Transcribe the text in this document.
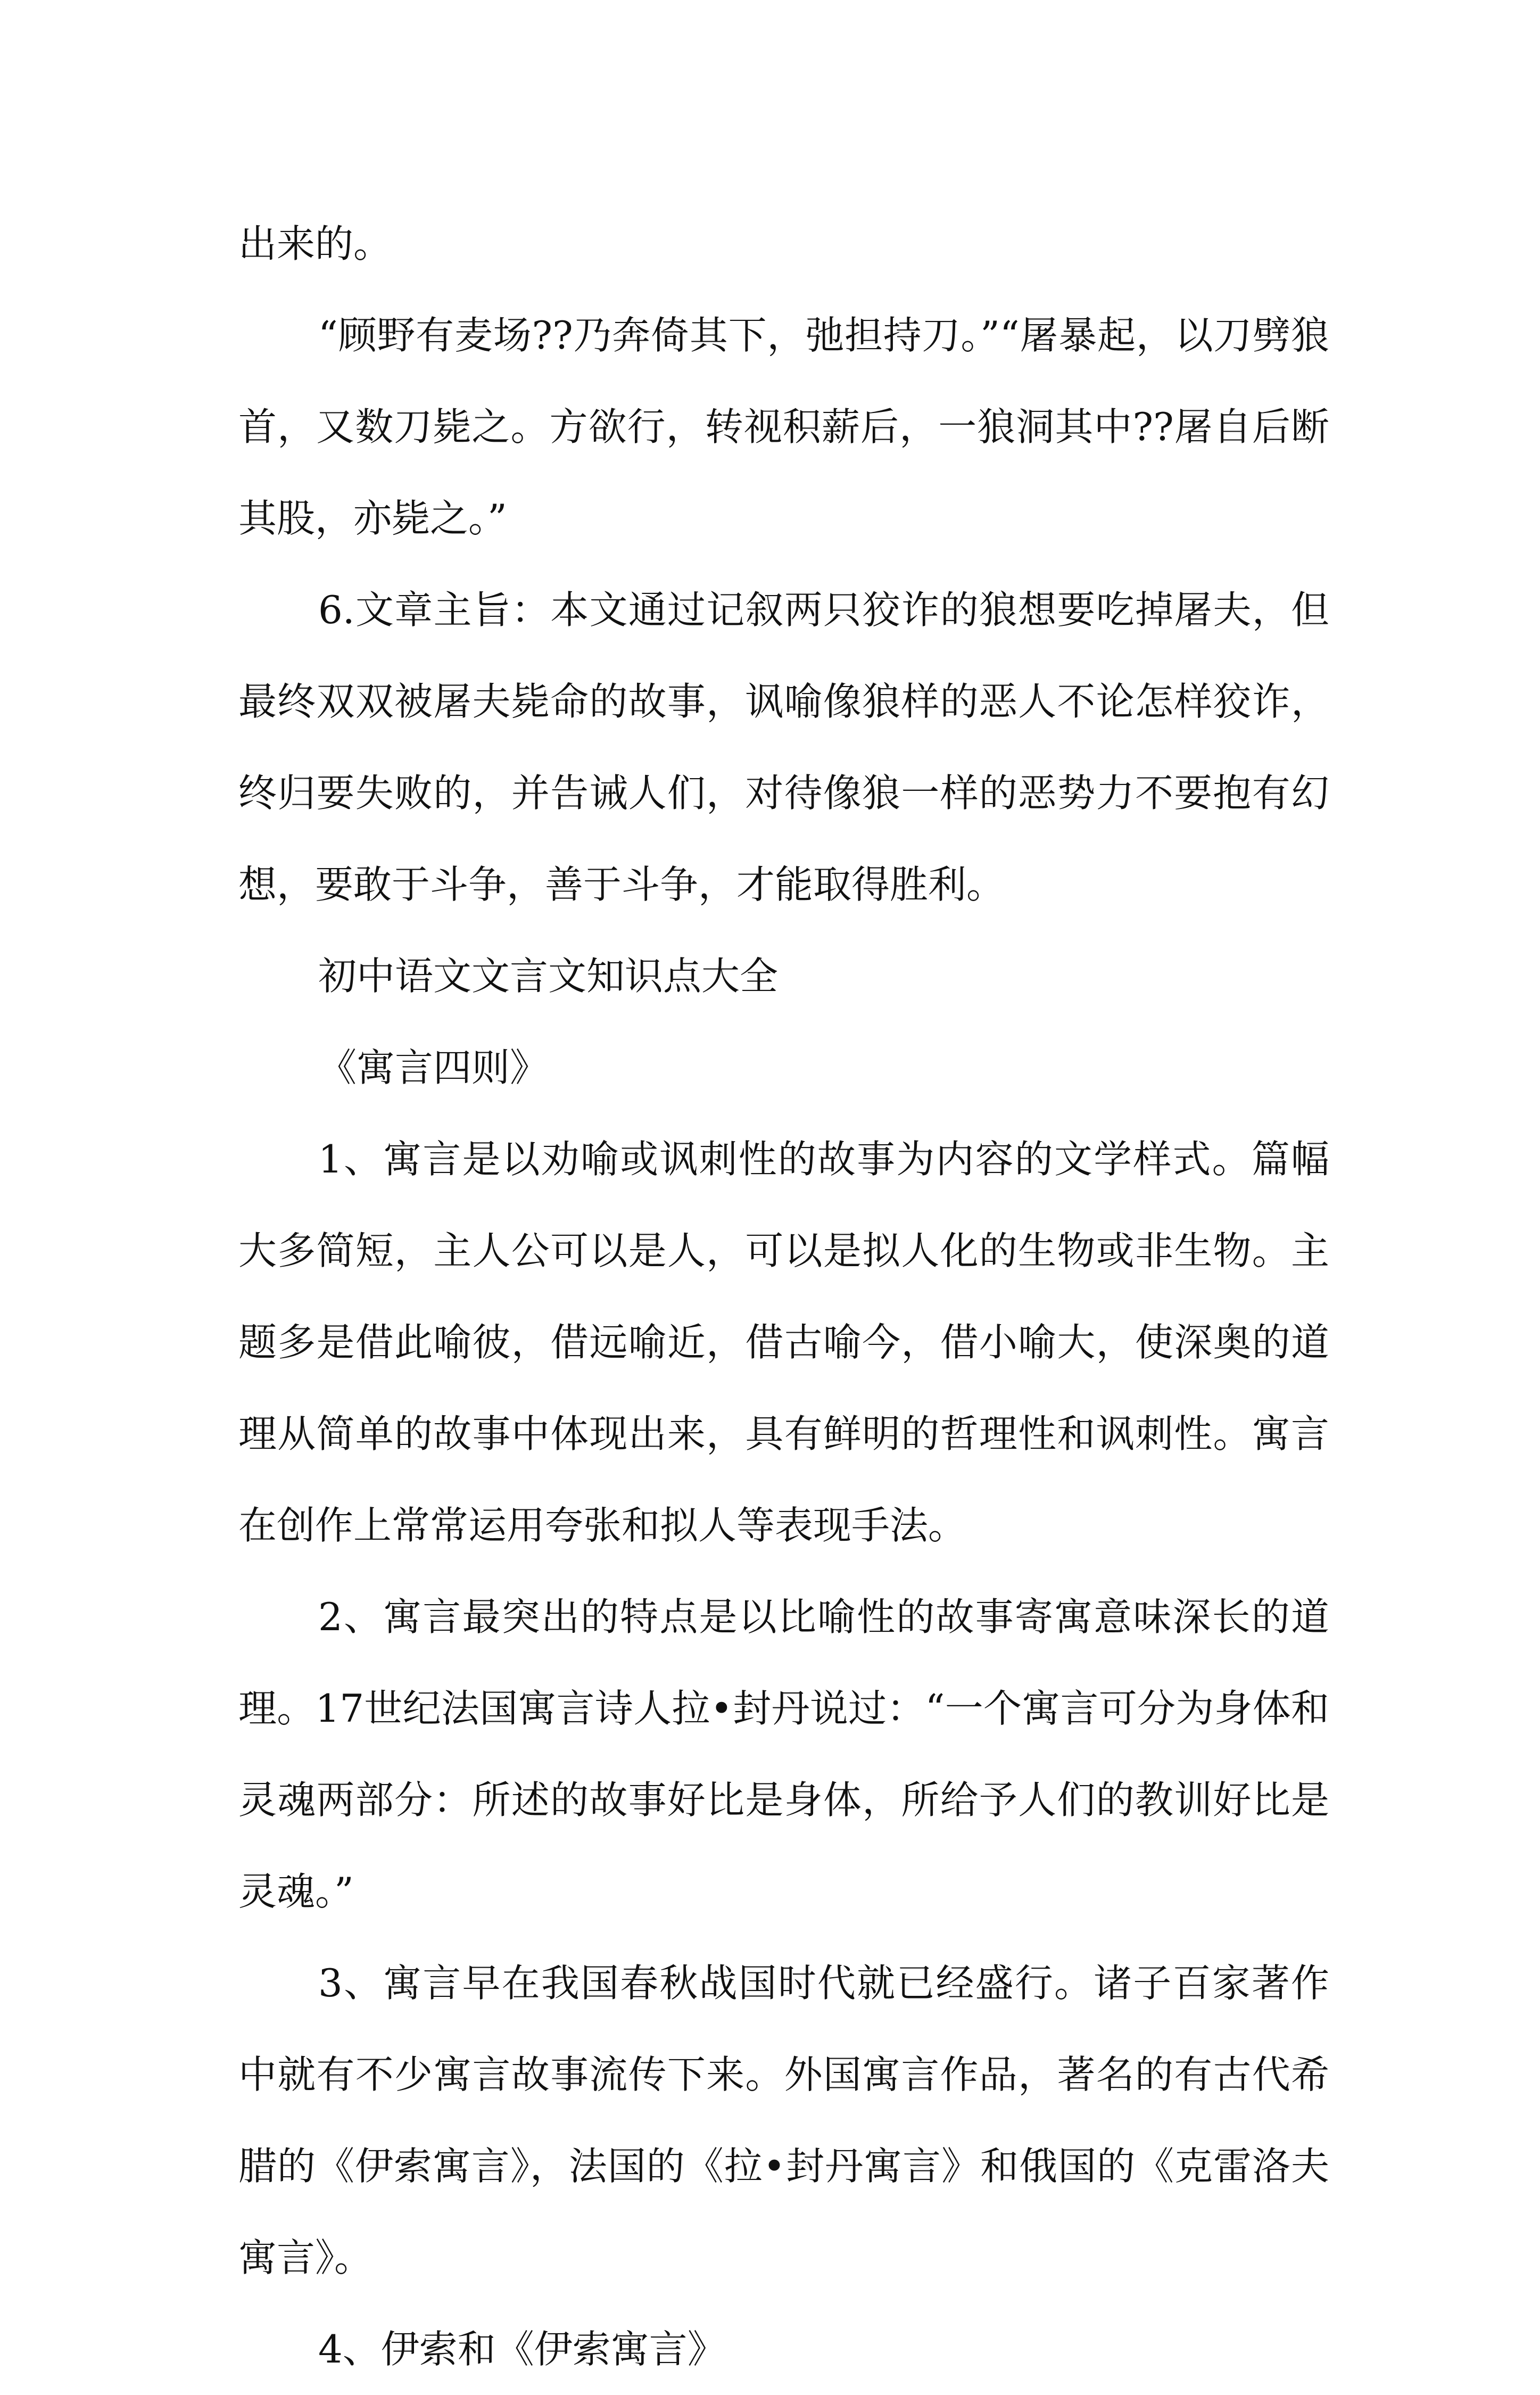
出来的。

“顾野有麦场??乃奔倚其下，弛担持刀。”“屠暴起，以刀劈狼首，又数刀毙之。方欲行，转视积薪后，一狼洞其中??屠自后断其股，亦毙之。”

6.文章主旨：本文通过记叙两只狡诈的狼想要吃掉屠夫，但最终双双被屠夫毙命的故事，讽喻像狼样的恶人不论怎样狡诈，终归要失败的，并告诫人们，对待像狼一样的恶势力不要抱有幻想，要敢于斗争，善于斗争，才能取得胜利。

初中语文文言文知识点大全

《寓言四则》

1、寓言是以劝喻或讽刺性的故事为内容的文学样式。篇幅大多简短，主人公可以是人，可以是拟人化的生物或非生物。主题多是借此喻彼，借远喻近，借古喻今，借小喻大，使深奥的道理从简单的故事中体现出来，具有鲜明的哲理性和讽刺性。寓言在创作上常常运用夸张和拟人等表现手法。

2、寓言最突出的特点是以比喻性的故事寄寓意味深长的道理。17世纪法国寓言诗人拉•封丹说过：“一个寓言可分为身体和灵魂两部分：所述的故事好比是身体，所给予人们的教训好比是灵魂。”

3、寓言早在我国春秋战国时代就已经盛行。诸子百家著作中就有不少寓言故事流传下来。外国寓言作品，著名的有古代希腊的《伊索寓言》，法国的《拉•封丹寓言》和俄国的《克雷洛夫寓言》。

4、伊索和《伊索寓言》
